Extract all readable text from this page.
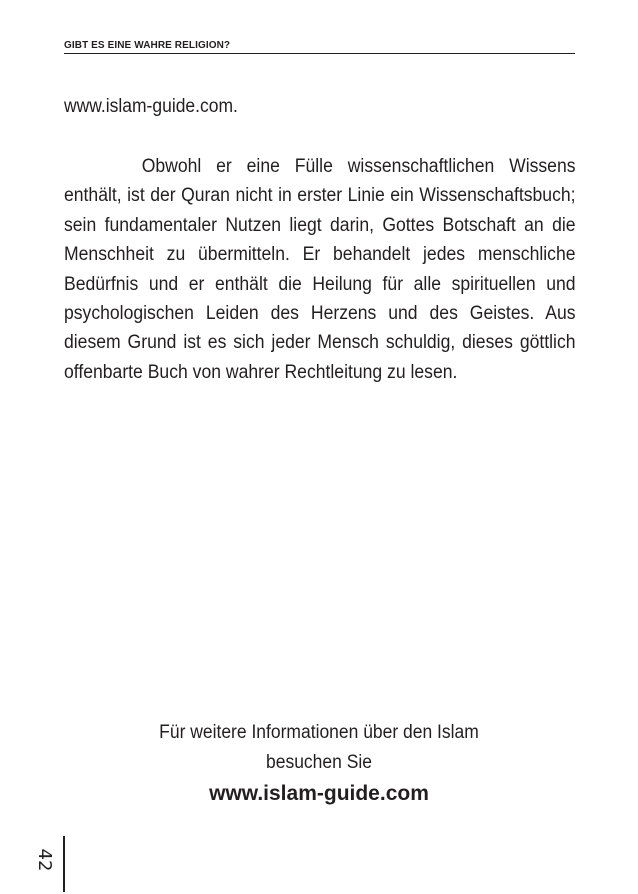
GIBT ES EINE WAHRE RELIGION?
www.islam-guide.com.

Obwohl er eine Fülle wissenschaftlichen Wissens enthält, ist der Quran nicht in erster Linie ein Wissenschaftsbuch; sein fundamentaler Nutzen liegt darin, Gottes Botschaft an die Menschheit zu übermitteln. Er behandelt jedes menschliche Bedürfnis und er enthält die Heilung für alle spirituellen und psychologischen Leiden des Herzens und des Geistes. Aus diesem Grund ist es sich jeder Mensch schuldig, dieses göttlich offenbarte Buch von wahrer Rechtleitung zu lesen.

Für weitere Informationen über den Islam
besuchen Sie
www.islam-guide.com
42
